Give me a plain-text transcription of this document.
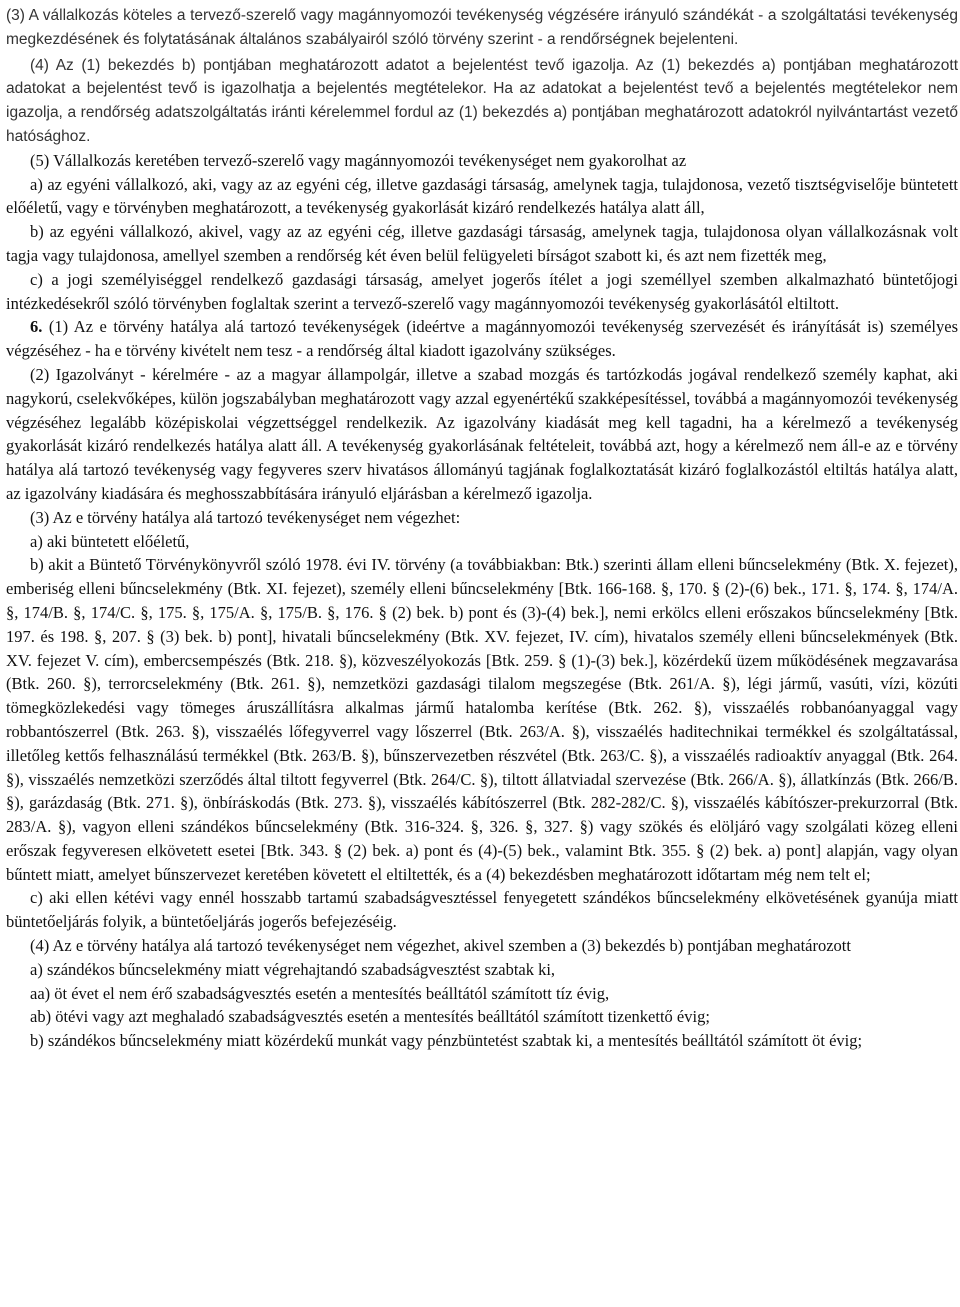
(3) A vállalkozás köteles a tervező-szerelő vagy magánnyomozói tevékenység végzésére irányuló szándékát - a szolgáltatási tevékenység megkezdésének és folytatásának általános szabályairól szóló törvény szerint - a rendőrségnek bejelenteni.

(4) Az (1) bekezdés b) pontjában meghatározott adatot a bejelentést tevő igazolja. Az (1) bekezdés a) pontjában meghatározott adatokat a bejelentést tevő is igazolhatja a bejelentés megtételekor. Ha az adatokat a bejelentést tevő a bejelentés megtételekor nem igazolja, a rendőrség adatszolgáltatás iránti kérelemmel fordul az (1) bekezdés a) pontjában meghatározott adatokról nyilvántartást vezető hatósághoz.

(5) Vállalkozás keretében tervező-szerelő vagy magánnyomozói tevékenységet nem gyakorolhat az

a) az egyéni vállalkozó, aki, vagy az az egyéni cég, illetve gazdasági társaság, amelynek tagja, tulajdonosa, vezető tisztségviselője büntetett előéletű, vagy e törvényben meghatározott, a tevékenység gyakorlását kizáró rendelkezés hatálya alatt áll,

b) az egyéni vállalkozó, akivel, vagy az az egyéni cég, illetve gazdasági társaság, amelynek tagja, tulajdonosa olyan vállalkozásnak volt tagja vagy tulajdonosa, amellyel szemben a rendőrség két éven belül felügyeleti bírságot szabott ki, és azt nem fizették meg,

c) a jogi személyiséggel rendelkező gazdasági társaság, amelyet jogerős ítélet a jogi személlyel szemben alkalmazható büntetőjogi intézkedésekről szóló törvényben foglaltak szerint a tervező-szerelő vagy magánnyomozói tevékenység gyakorlásától eltiltott.

6. (1) Az e törvény hatálya alá tartozó tevékenységek (ideértve a magánnyomozói tevékenység szervezését és irányítását is) személyes végzéséhez - ha e törvény kivételt nem tesz - a rendőrség által kiadott igazolvány szükséges.

(2) Igazolványt - kérelmére - az a magyar állampolgár, illetve a szabad mozgás és tartózkodás jogával rendelkező személy kaphat, aki nagykorú, cselekvőképes, külön jogszabályban meghatározott vagy azzal egyenértékű szakképesítéssel, továbbá a magánnyomozói tevékenység végzéséhez legalább középiskolai végzettséggel rendelkezik. Az igazolvány kiadását meg kell tagadni, ha a kérelmező a tevékenység gyakorlását kizáró rendelkezés hatálya alatt áll. A tevékenység gyakorlásának feltételeit, továbbá azt, hogy a kérelmező nem áll-e az e törvény hatálya alá tartozó tevékenység vagy fegyveres szerv hivatásos állományú tagjának foglalkoztatását kizáró foglalkozástól eltiltás hatálya alatt, az igazolvány kiadására és meghosszabbítására irányuló eljárásban a kérelmező igazolja.

(3) Az e törvény hatálya alá tartozó tevékenységet nem végezhet:

a) aki büntetett előéletű,

b) akit a Büntető Törvénykönyvről szóló 1978. évi IV. törvény (a továbbiakban: Btk.) szerinti állam elleni bűncselekmény (Btk. X. fejezet), emberiség elleni bűncselekmény (Btk. XI. fejezet), személy elleni bűncselekmény [Btk. 166-168. §, 170. § (2)-(6) bek., 171. §, 174. §, 174/A. §, 174/B. §, 174/C. §, 175. §, 175/A. §, 175/B. §, 176. § (2) bek. b) pont és (3)-(4) bek.], nemi erkölcs elleni erőszakos bűncselekmény [Btk. 197. és 198. §, 207. § (3) bek. b) pont], hivatali bűncselekmény (Btk. XV. fejezet, IV. cím), hivatalos személy elleni bűncselekmények (Btk. XV. fejezet V. cím), embercsempészés (Btk. 218. §), közveszélyokozás [Btk. 259. § (1)-(3) bek.], közérdekű üzem működésének megzavarása (Btk. 260. §), terrorcselekmény (Btk. 261. §), nemzetközi gazdasági tilalom megszegése (Btk. 261/A. §), légi jármű, vasúti, vízi, közúti tömegközlekedési vagy tömeges áruszállításra alkalmas jármű hatalomba kerítése (Btk. 262. §), visszaélés robbanóanyaggal vagy robbantószerrel (Btk. 263. §), visszaélés lőfegyverrel vagy lőszerrel (Btk. 263/A. §), visszaélés haditechnikai termékkel és szolgáltatással, illetőleg kettős felhasználású termékkel (Btk. 263/B. §), bűnszervezetben részvétel (Btk. 263/C. §), a visszaélés radioaktív anyaggal (Btk. 264. §), visszaélés nemzetközi szerződés által tiltott fegyverrel (Btk. 264/C. §), tiltott állatviadal szervezése (Btk. 266/A. §), állatkínzás (Btk. 266/B. §), garázdaság (Btk. 271. §), önbíráskodás (Btk. 273. §), visszaélés kábítószerrel (Btk. 282-282/C. §), visszaélés kábítószer-prekurzorral (Btk. 283/A. §), vagyon elleni szándékos bűncselekmény (Btk. 316-324. §, 326. §, 327. §) vagy szökés és elöljáró vagy szolgálati közeg elleni erőszak fegyveresen elkövetett esetei [Btk. 343. § (2) bek. a) pont és (4)-(5) bek., valamint Btk. 355. § (2) bek. a) pont] alapján, vagy olyan bűntett miatt, amelyet bűnszervezet keretében követett el eltiltették, és a (4) bekezdésben meghatározott időtartam még nem telt el;

c) aki ellen kétévi vagy ennél hosszabb tartamú szabadságvesztéssel fenyegetett szándékos bűncselekmény elkövetésének gyanúja miatt büntetőeljárás folyik, a büntetőeljárás jogerős befejezéséig.

(4) Az e törvény hatálya alá tartozó tevékenységet nem végezhet, akivel szemben a (3) bekezdés b) pontjában meghatározott

a) szándékos bűncselekmény miatt végrehajtandó szabadságvesztést szabtak ki,

aa) öt évet el nem érő szabadságvesztés esetén a mentesítés beálltától számított tíz évig,

ab) ötévi vagy azt meghaladó szabadságvesztés esetén a mentesítés beálltától számított tizenkettő évig;

b) szándékos bűncselekmény miatt közérdekű munkát vagy pénzbüntetést szabtak ki, a mentesítés beálltától számított öt évig;
